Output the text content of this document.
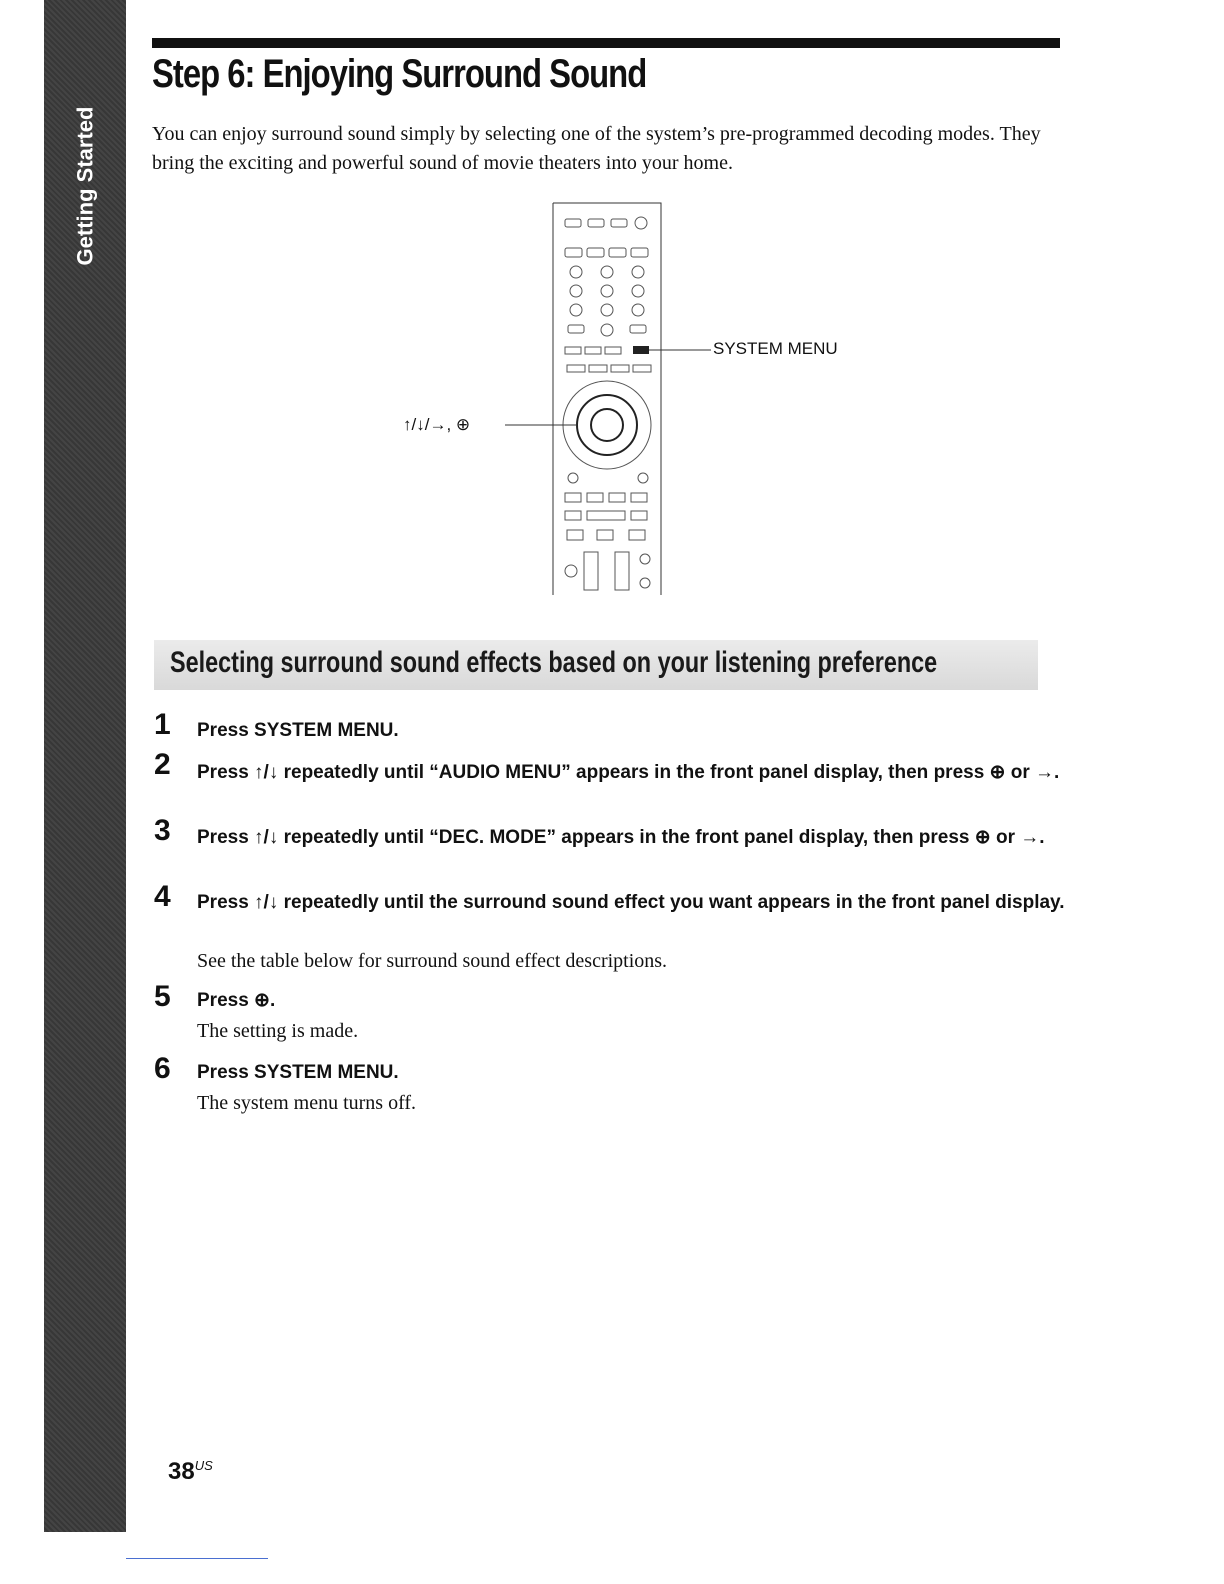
Getting Started
Step 6: Enjoying Surround Sound

You can enjoy surround sound simply by selecting one of the system’s pre-programmed decoding modes. They bring the exciting and powerful sound of movie theaters into your home.

SYSTEM MENU
↑/↓/→, ⊕
Selecting surround sound effects based on your listening preference
1	Press SYSTEM MENU.

2	Press ↑/↓ repeatedly until “AUDIO MENU” appears in the front panel display, then press ⊕ or →.

3	Press ↑/↓ repeatedly until “DEC. MODE” appears in the front panel display, then press ⊕ or →.

4	Press ↑/↓ repeatedly until the surround sound effect you want appears in the front panel display.

See the table below for surround sound effect descriptions.

5	Press ⊕.

The setting is made.

6	Press SYSTEM MENU.

The system menu turns off.

$38^{US}$
